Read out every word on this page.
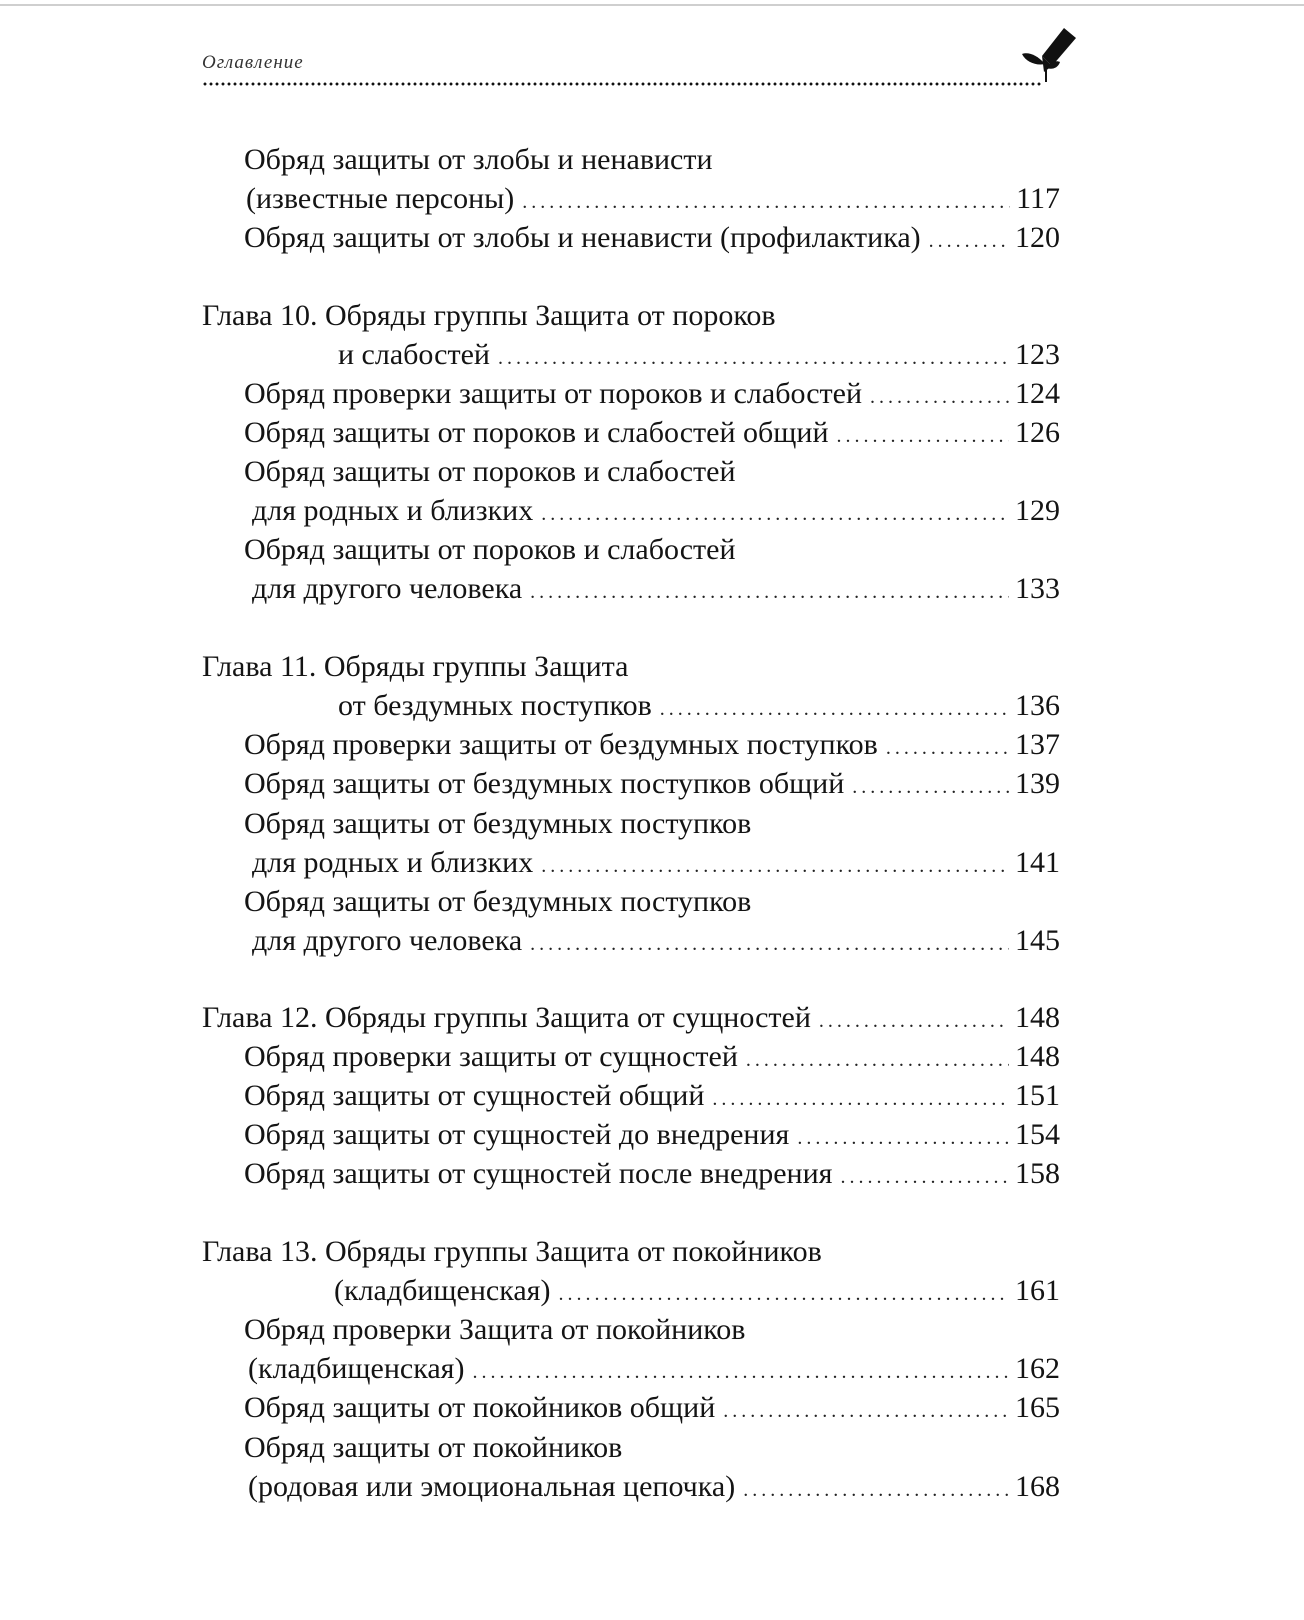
Оглавление
Обряд защиты от злобы и ненависти
(известные персоны) .....	117
Обряд защиты от злобы и ненависти (профилактика) .....	120
Глава 10. Обряды группы Защита от пороков
и слабостей .....	123
Обряд проверки защиты от пороков и слабостей .....	124
Обряд защиты от пороков и слабостей общий .....	126
Обряд защиты от пороков и слабостей
для родных и близких .....	129
Обряд защиты от пороков и слабостей
для другого человека .....	133
Глава 11. Обряды группы Защита
от бездумных поступков .....	136
Обряд проверки защиты от бездумных поступков .....	137
Обряд защиты от бездумных поступков общий .....	139
Обряд защиты от бездумных поступков
для родных и близких .....	141
Обряд защиты от бездумных поступков
для другого человека .....	145
Глава 12. Обряды группы Защита от сущностей .....	148
Обряд проверки защиты от сущностей .....	148
Обряд защиты от сущностей общий .....	151
Обряд защиты от сущностей до внедрения .....	154
Обряд защиты от сущностей после внедрения .....	158
Глава 13. Обряды группы Защита от покойников
(кладбищенская) .....	161
Обряд проверки Защита от покойников
(кладбищенская) .....	162
Обряд защиты от покойников общий .....	165
Обряд защиты от покойников
(родовая или эмоциональная цепочка) .....	168
